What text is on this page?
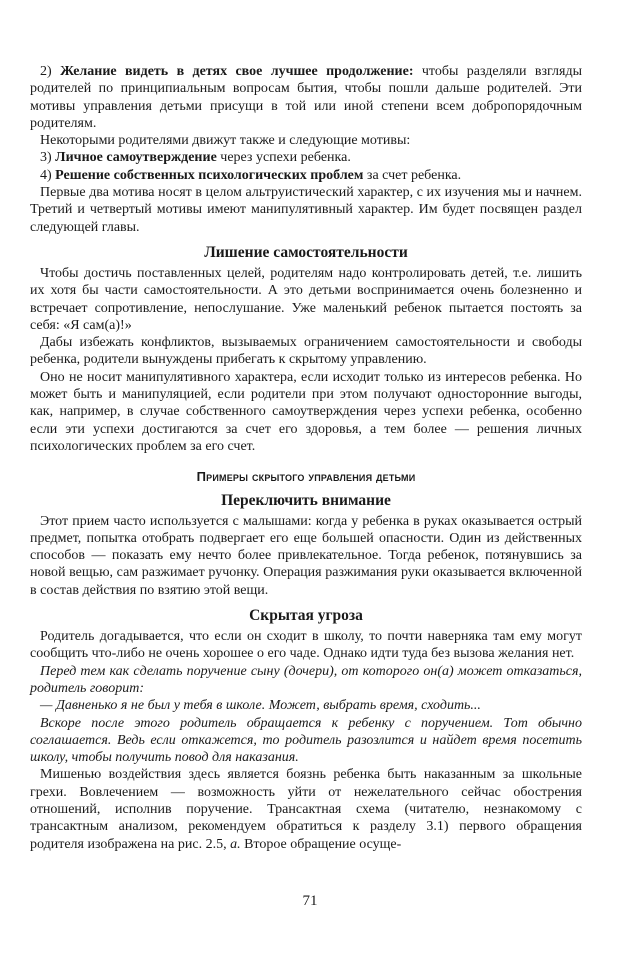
2) Желание видеть в детях свое лучшее продолжение: чтобы разделяли взгляды родителей по принципиальным вопросам бытия, чтобы пошли дальше родителей. Эти мотивы управления детьми присущи в той или иной степени всем добропорядочным родителям.

Некоторыми родителями движут также и следующие мотивы:

3) Личное самоутверждение через успехи ребенка.

4) Решение собственных психологических проблем за счет ребенка.

Первые два мотива носят в целом альтруистический характер, с их изучения мы и начнем. Третий и четвертый мотивы имеют манипулятивный характер. Им будет посвящен раздел следующей главы.

Лишение самостоятельности

Чтобы достичь поставленных целей, родителям надо контролировать детей, т.е. лишить их хотя бы части самостоятельности. А это детьми воспринимается очень болезненно и встречает сопротивление, непослушание. Уже маленький ребенок пытается постоять за себя: «Я сам(а)!»

Дабы избежать конфликтов, вызываемых ограничением самостоятельности и свободы ребенка, родители вынуждены прибегать к скрытому управлению.

Оно не носит манипулятивного характера, если исходит только из интересов ребенка. Но может быть и манипуляцией, если родители при этом получают односторонние выгоды, как, например, в случае собственного самоутверждения через успехи ребенка, особенно если эти успехи достигаются за счет его здоровья, а тем более — решения личных психологических проблем за его счет.

Примеры скрытого управления детьми
Переключить внимание

Этот прием часто используется с малышами: когда у ребенка в руках оказывается острый предмет, попытка отобрать подвергает его еще большей опасности. Один из действенных способов — показать ему нечто более привлекательное. Тогда ребенок, потянувшись за новой вещью, сам разжимает ручонку. Операция разжимания руки оказывается включенной в состав действия по взятию этой вещи.

Скрытая угроза

Родитель догадывается, что если он сходит в школу, то почти наверняка там ему могут сообщить что-либо не очень хорошее о его чаде. Однако идти туда без вызова желания нет.

Перед тем как сделать поручение сыну (дочери), от которого он(а) может отказаться, родитель говорит:

— Давненько я не был у тебя в школе. Может, выбрать время, сходить...

Вскоре после этого родитель обращается к ребенку с поручением. Тот обычно соглашается. Ведь если откажется, то родитель разозлится и найдет время посетить школу, чтобы получить повод для наказания.

Мишенью воздействия здесь является боязнь ребенка быть наказанным за школьные грехи. Вовлечением — возможность уйти от нежелательного сейчас обострения отношений, исполнив поручение. Трансактная схема (читателю, незнакомому с трансактным анализом, рекомендуем обратиться к разделу 3.1) первого обращения родителя изображена на рис. 2.5, а. Второе обращение осуще-

71
